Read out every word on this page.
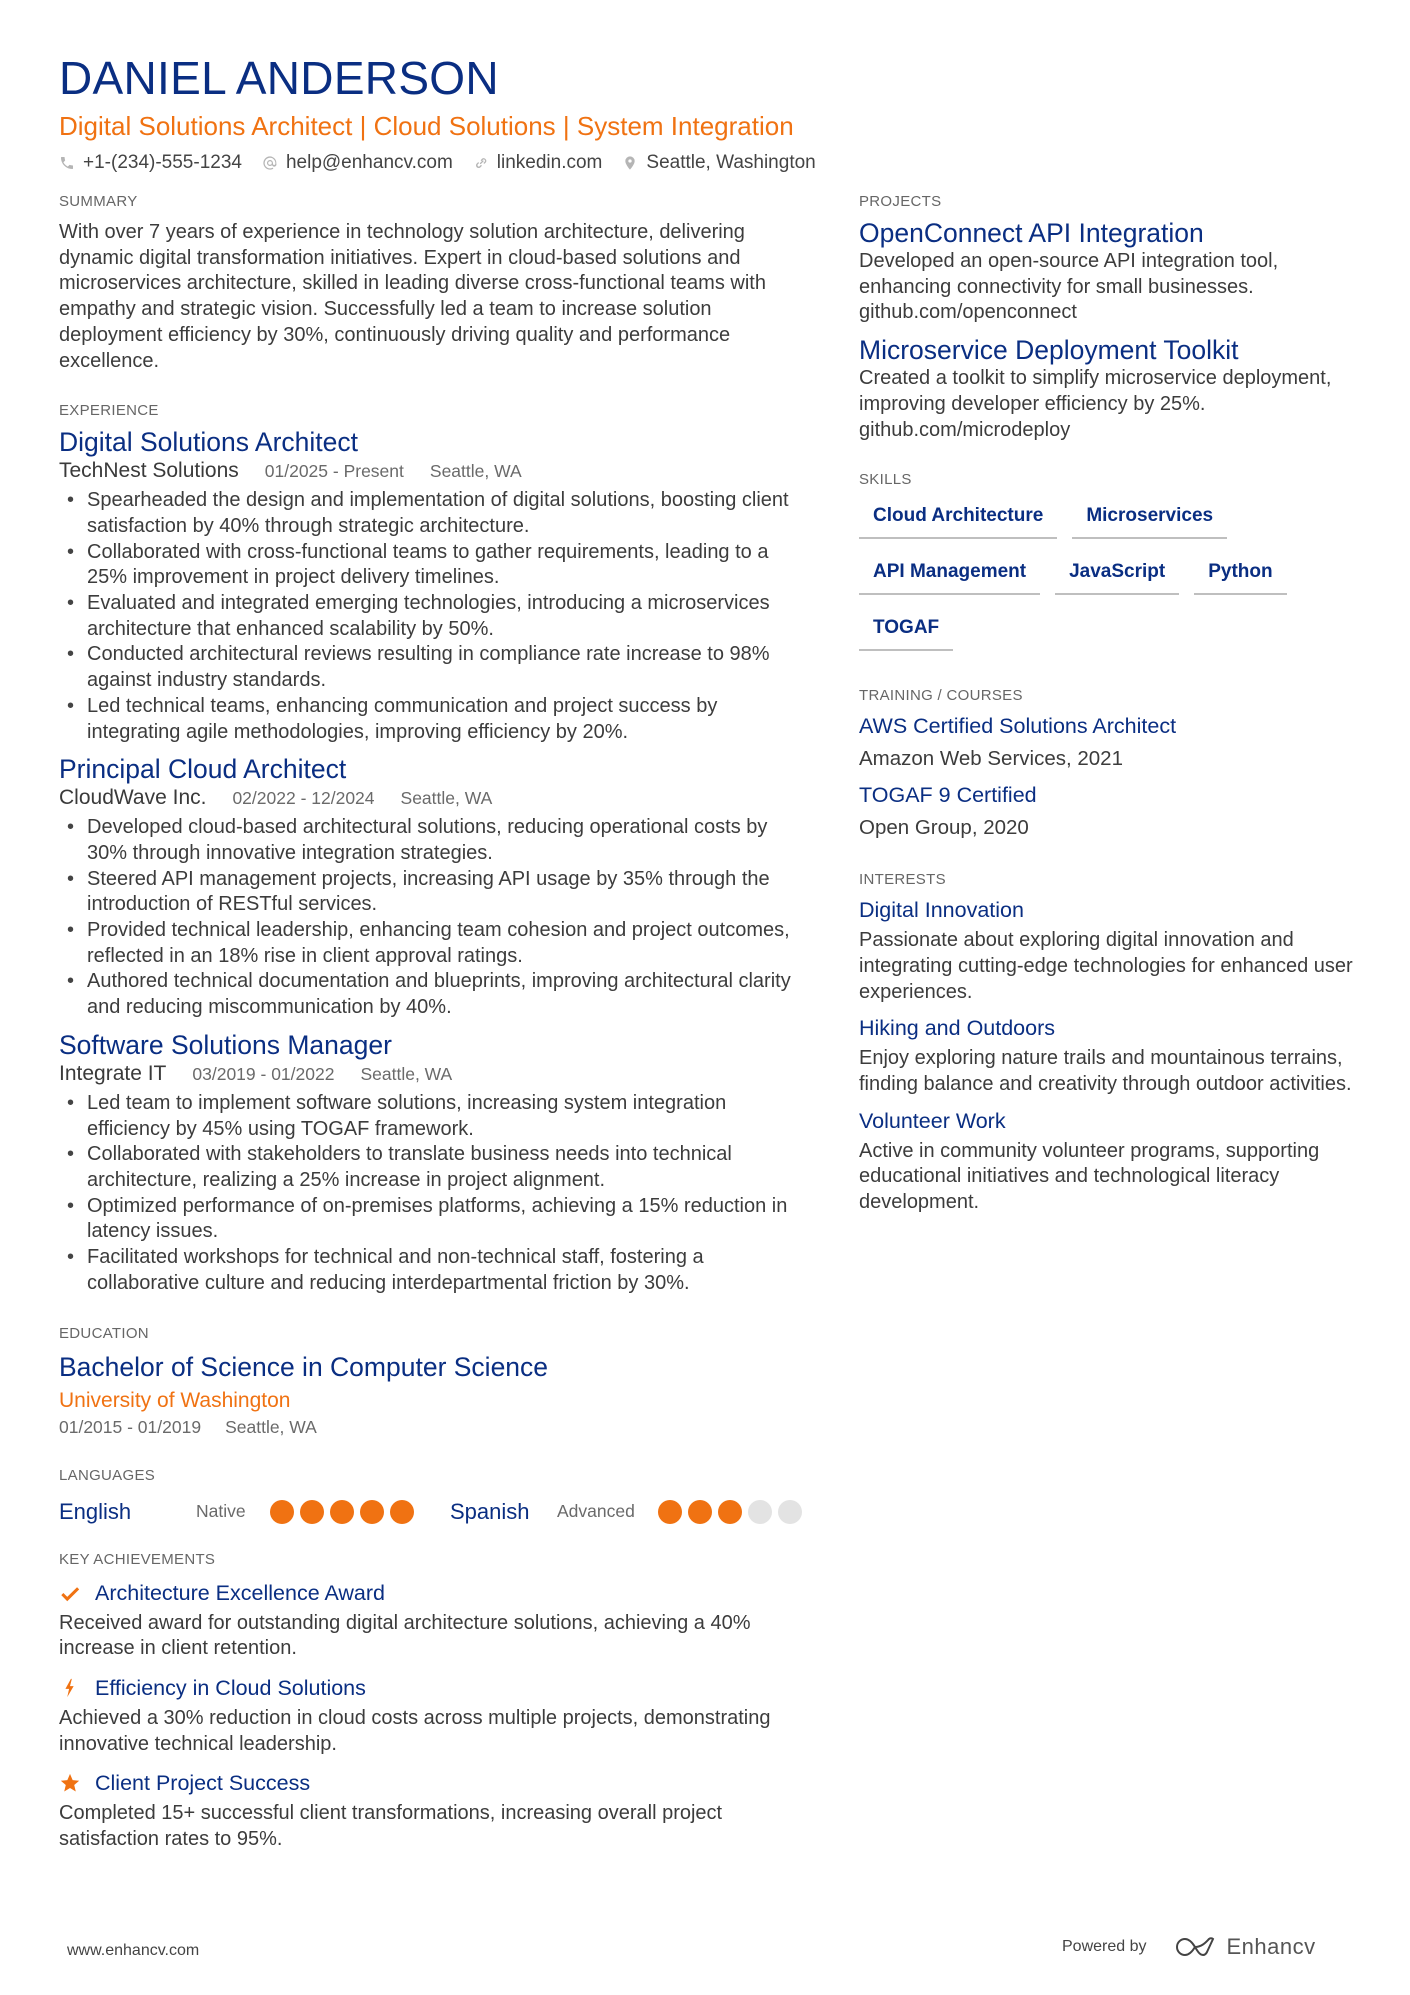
DANIEL ANDERSON
Digital Solutions Architect | Cloud Solutions | System Integration
+1-(234)-555-1234 help@enhancv.com linkedin.com Seattle, Washington
SUMMARY
With over 7 years of experience in technology solution architecture, delivering dynamic digital transformation initiatives. Expert in cloud-based solutions and microservices architecture, skilled in leading diverse cross-functional teams with empathy and strategic vision. Successfully led a team to increase solution deployment efficiency by 30%, continuously driving quality and performance excellence.
EXPERIENCE
Digital Solutions Architect
TechNest Solutions 01/2025 - Present Seattle, WA
• Spearheaded the design and implementation of digital solutions, boosting client satisfaction by 40% through strategic architecture.
• Collaborated with cross-functional teams to gather requirements, leading to a 25% improvement in project delivery timelines.
• Evaluated and integrated emerging technologies, introducing a microservices architecture that enhanced scalability by 50%.
• Conducted architectural reviews resulting in compliance rate increase to 98% against industry standards.
• Led technical teams, enhancing communication and project success by integrating agile methodologies, improving efficiency by 20%.
Principal Cloud Architect
CloudWave Inc. 02/2022 - 12/2024 Seattle, WA
• Developed cloud-based architectural solutions, reducing operational costs by 30% through innovative integration strategies.
• Steered API management projects, increasing API usage by 35% through the introduction of RESTful services.
• Provided technical leadership, enhancing team cohesion and project outcomes, reflected in an 18% rise in client approval ratings.
• Authored technical documentation and blueprints, improving architectural clarity and reducing miscommunication by 40%.
Software Solutions Manager
Integrate IT 03/2019 - 01/2022 Seattle, WA
• Led team to implement software solutions, increasing system integration efficiency by 45% using TOGAF framework.
• Collaborated with stakeholders to translate business needs into technical architecture, realizing a 25% increase in project alignment.
• Optimized performance of on-premises platforms, achieving a 15% reduction in latency issues.
• Facilitated workshops for technical and non-technical staff, fostering a collaborative culture and reducing interdepartmental friction by 30%.
EDUCATION
Bachelor of Science in Computer Science
University of Washington
01/2015 - 01/2019 Seattle, WA
LANGUAGES
English	Native	Spanish	Advanced
KEY ACHIEVEMENTS
Architecture Excellence Award
Received award for outstanding digital architecture solutions, achieving a 40% increase in client retention.
Efficiency in Cloud Solutions
Achieved a 30% reduction in cloud costs across multiple projects, demonstrating innovative technical leadership.
Client Project Success
Completed 15+ successful client transformations, increasing overall project satisfaction rates to 95%.
PROJECTS
OpenConnect API Integration
Developed an open-source API integration tool, enhancing connectivity for small businesses. github.com/openconnect
Microservice Deployment Toolkit
Created a toolkit to simplify microservice deployment, improving developer efficiency by 25%. github.com/microdeploy
SKILLS
Cloud Architecture	Microservices
API Management	JavaScript	Python
TOGAF
TRAINING / COURSES
AWS Certified Solutions Architect
Amazon Web Services, 2021
TOGAF 9 Certified
Open Group, 2020
INTERESTS
Digital Innovation
Passionate about exploring digital innovation and integrating cutting-edge technologies for enhanced user experiences.
Hiking and Outdoors
Enjoy exploring nature trails and mountainous terrains, finding balance and creativity through outdoor activities.
Volunteer Work
Active in community volunteer programs, supporting educational initiatives and technological literacy development.
www.enhancv.com	Powered by	Enhancv
